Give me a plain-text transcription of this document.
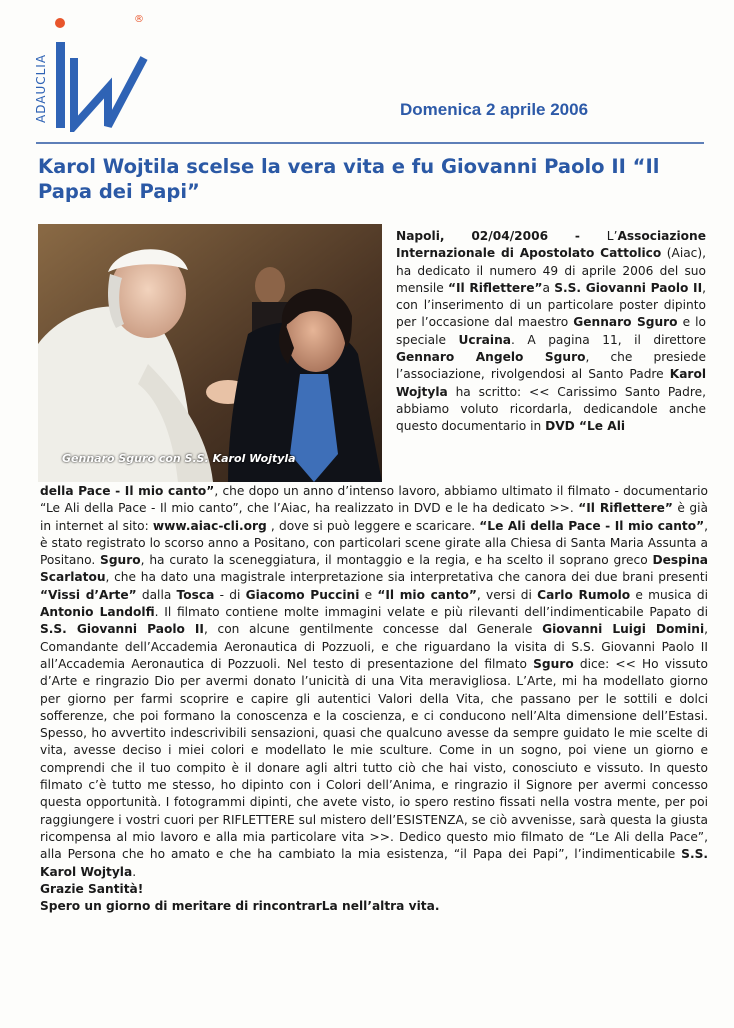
ADAUCLIA
®
Domenica 2 aprile 2006
Karol Wojtila scelse la vera vita e fu Giovanni Paolo II “Il Papa dei Papi”
Gennaro Sguro con S.S. Karol Wojtyla

Napoli, 02/04/2006 - L’Associazione Internazionale di Apostolato Cattolico (Aiac), ha dedicato il numero 49 di aprile 2006 del suo mensile “Il Riflettere”a S.S. Giovanni Paolo II, con l’inserimento di un particolare poster dipinto per l’occasione dal maestro Gennaro Sguro e lo speciale Ucraina. A pagina 11, il direttore Gennaro Angelo Sguro, che presiede l’associazione, rivolgendosi al Santo Padre Karol Wojtyla ha scritto: << Carissimo Santo Padre, abbiamo voluto ricordarla, dedicandole anche questo documentario in DVD “Le Ali

della Pace - Il mio canto”, che dopo un anno d’intenso lavoro, abbiamo ultimato il filmato - documentario “Le Ali della Pace - Il mio canto”, che l’Aiac, ha realizzato in DVD e le ha dedicato >>. “Il Riflettere” è già in internet al sito: www.aiac-cli.org , dove si può leggere e scaricare. “Le Ali della Pace - Il mio canto”, è stato registrato lo scorso anno a Positano, con particolari scene girate alla Chiesa di Santa Maria Assunta a Positano. Sguro, ha curato la sceneggiatura, il montaggio e la regia, e ha scelto il soprano greco Despina Scarlatou, che ha dato una magistrale interpretazione sia interpretativa che canora dei due brani presenti “Vissi d’Arte” dalla Tosca - di Giacomo Puccini e “Il mio canto”, versi di Carlo Rumolo e musica di Antonio Landolfi. Il filmato contiene molte immagini velate e più rilevanti dell’indimenticabile Papato di S.S. Giovanni Paolo II, con alcune gentilmente concesse dal Generale Giovanni Luigi Domini, Comandante dell’Accademia Aeronautica di Pozzuoli, e che riguardano la visita di S.S. Giovanni Paolo II all’Accademia Aeronautica di Pozzuoli. Nel testo di presentazione del filmato Sguro dice: << Ho vissuto d’Arte e ringrazio Dio per avermi donato l’unicità di una Vita meravigliosa. L’Arte, mi ha modellato giorno per giorno per farmi scoprire e capire gli autentici Valori della Vita, che passano per le sottili e dolci sofferenze, che poi formano la conoscenza e la coscienza, e ci conducono nell’Alta dimensione dell’Estasi. Spesso, ho avvertito indescrivibili sensazioni, quasi che qualcuno avesse da sempre guidato le mie scelte di vita, avesse deciso i miei colori e modellato le mie sculture. Come in un sogno, poi viene un giorno e comprendi che il tuo compito è il donare agli altri tutto ciò che hai visto, conosciuto e vissuto. In questo filmato c’è tutto me stesso, ho dipinto con i Colori dell’Anima, e ringrazio il Signore per avermi concesso questa opportunità. I fotogrammi dipinti, che avete visto, io spero restino fissati nella vostra mente, per poi raggiungere i vostri cuori per RIFLETTERE sul mistero dell’ESISTENZA, se ciò avvenisse, sarà questa la giusta ricompensa al mio lavoro e alla mia particolare vita >>. Dedico questo mio filmato de “Le Ali della Pace”, alla Persona che ho amato e che ha cambiato la mia esistenza, “il Papa dei Papi”, l’indimenticabile S.S. Karol Wojtyla.

Grazie Santità!

Spero un giorno di meritare di rincontrarLa nell’altra vita.
